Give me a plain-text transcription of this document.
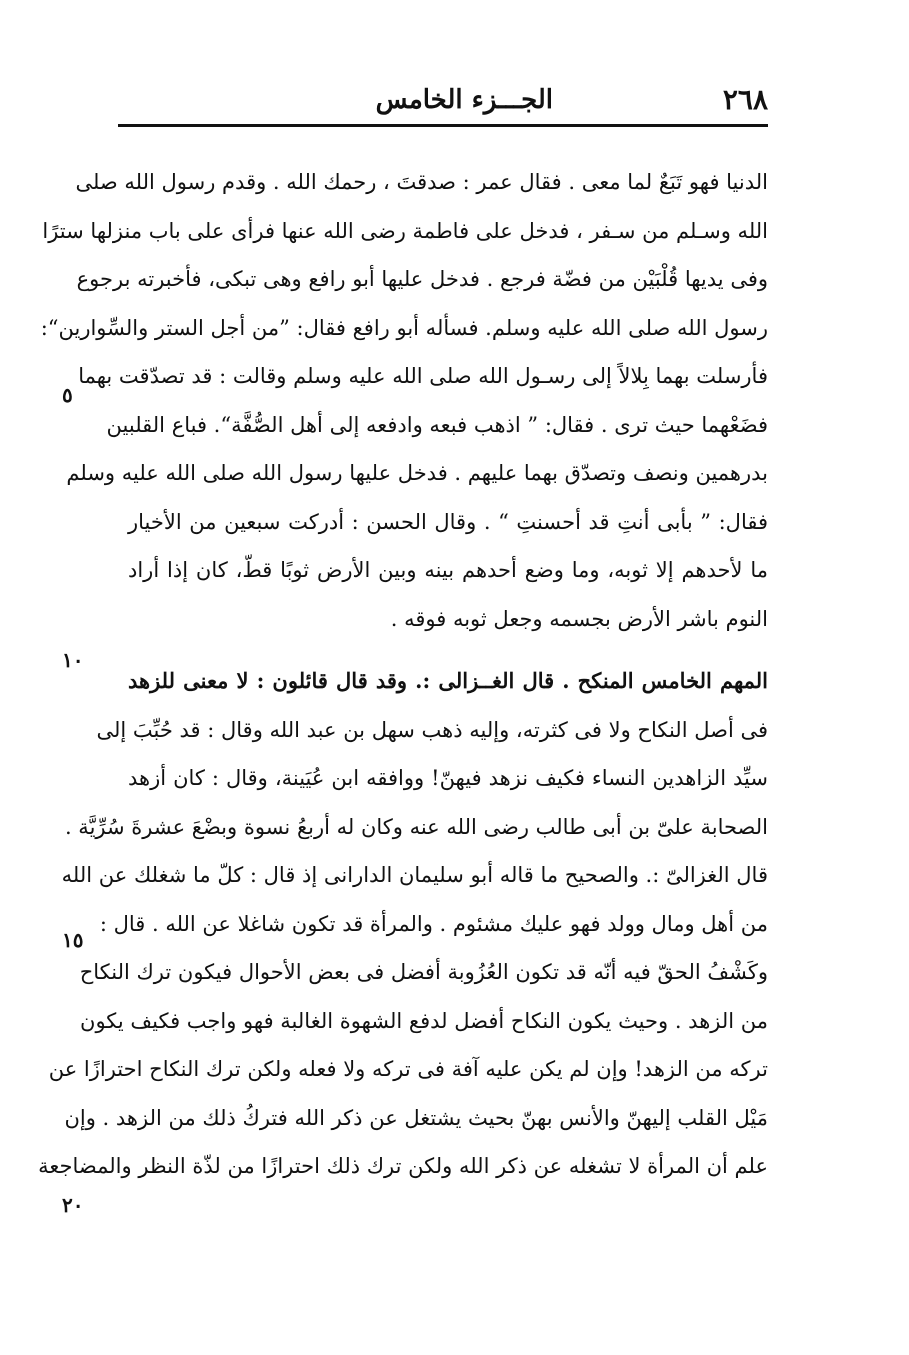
٢٦٨
الجـــزء الخامس
٥
١٠
١٥
٢٠
الدنيا فهو تَبَعٌ لما معى . فقال عمر : صدقتَ ، رحمك الله . وقدم رسول الله صلى
الله وسـلم من سـفر ، فدخل على فاطمة رضى الله عنها فرأى على باب منزلها سترًا
وفى يديها قُلْبَيْن من فضّة فرجع . فدخل عليها أبو رافع وهى تبكى، فأخبرته برجوع
رسول الله صلى الله عليه وسلم. فسأله أبو رافع فقال: ”من أجل الستر والسِّوارين“:
فأرسلت بهما بِلالاً إلى رسـول الله صلى الله عليه وسلم وقالت : قد تصدّقت بهما
فضَعْهما حيث ترى . فقال: ” اذهب فبعه وادفعه إلى أهل الصُّفَّة“. فباع القلبين
بدرهمين ونصف وتصدّق بهما عليهم . فدخل عليها رسول الله صلى الله عليه وسلم
فقال: ” بأبى أنتِ قد أحسنتِ “ . وقال الحسن : أدركت سبعين من الأخيار
ما لأحدهم إلا ثوبه، وما وضع أحدهم بينه وبين الأرض ثوبًا قطّ، كان إذا أراد
النوم باشر الأرض بجسمه وجعل ثوبه فوقه .
المهم الخامس المنكح . قال الغــزالى :. وقد قال قائلون : لا معنى للزهد
فى أصل النكاح ولا فى كثرته، وإليه ذهب سهل بن عبد الله وقال : قد حُبِّبَ إلى
سيِّد الزاهدين النساء فكيف نزهد فيهنّ! ووافقه ابن عُيَينة، وقال : كان أزهد
الصحابة علىّ بن أبى طالب رضى الله عنه وكان له أربعُ نسوة وبضْعَ عشرةَ سُرِّيَّة .
قال الغزالىّ :. والصحيح ما قاله أبو سليمان الدارانى إذ قال : كلّ ما شغلك عن الله
من أهل ومال وولد فهو عليك مشئوم . والمرأة قد تكون شاغلا عن الله . قال :
وكَشْفُ الحقّ فيه أنّه قد تكون العُزُوبة أفضل فى بعض الأحوال فيكون ترك النكاح
من الزهد . وحيث يكون النكاح أفضل لدفع الشهوة الغالبة فهو واجب فكيف يكون
تركه من الزهد! وإن لم يكن عليه آفة فى تركه ولا فعله ولكن ترك النكاح احترازًا عن
مَيْل القلب إليهنّ والأنس بهنّ بحيث يشتغل عن ذكر الله فتركُ ذلك من الزهد . وإن
علم أن المرأة لا تشغله عن ذكر الله ولكن ترك ذلك احترازًا من لذّة النظر والمضاجعة
